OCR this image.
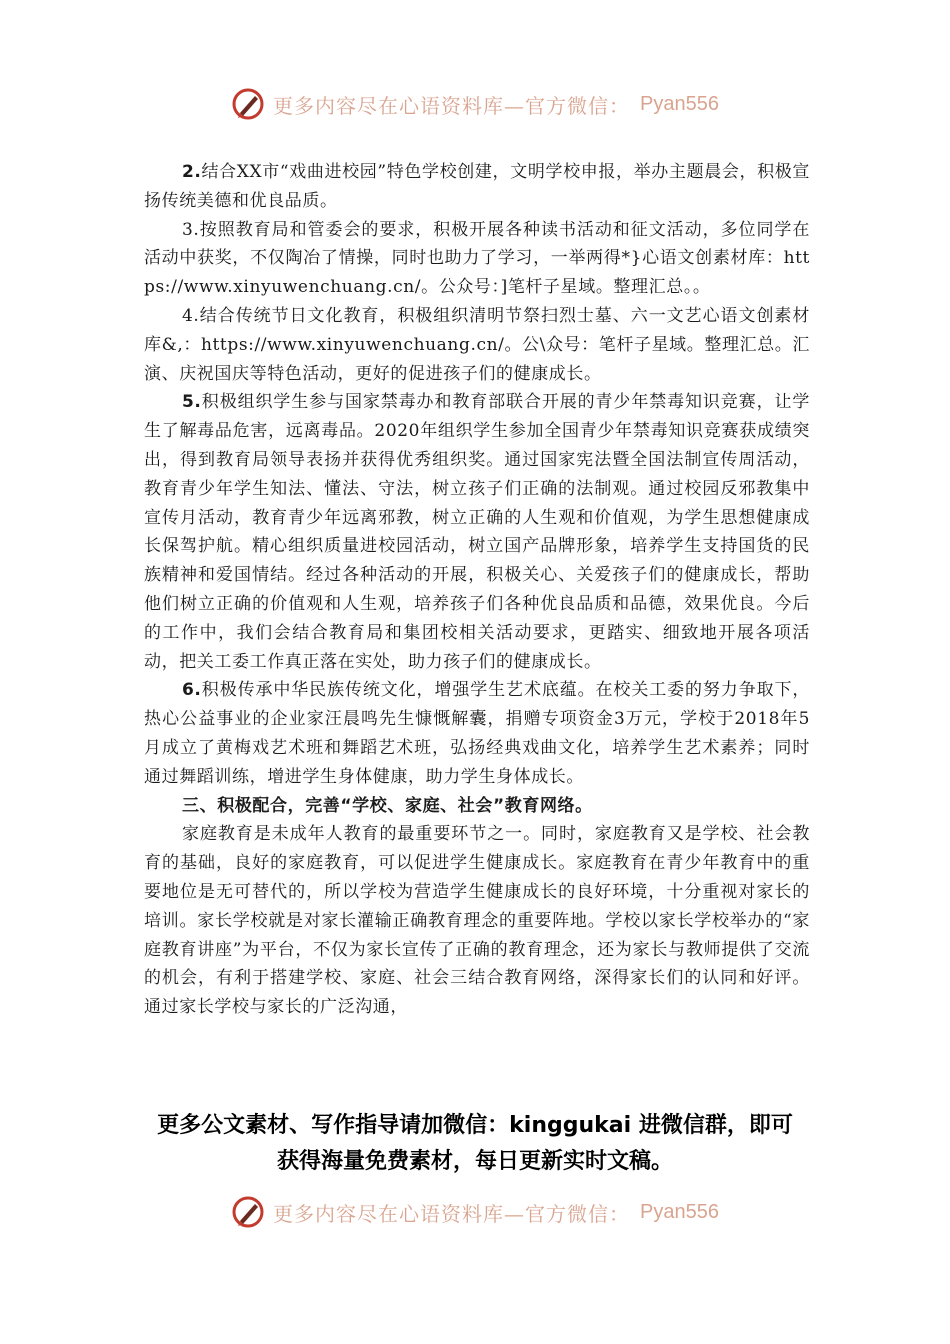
更多内容尽在心语资料库—官方微信： Pyan556

2.结合XX市“戏曲进校园”特色学校创建，文明学校申报，举办主题晨会，积极宣扬传统美德和优良品质。

3.按照教育局和管委会的要求，积极开展各种读书活动和征文活动，多位同学在活动中获奖，不仅陶冶了情操，同时也助力了学习，一举两得*}心语文创素材库：https://www.xinyuwenchuang.cn/。公众号：]笔杆子星域。整理汇总。。

4.结合传统节日文化教育，积极组织清明节祭扫烈士墓、六一文艺心语文创素材库&,：https://www.xinyuwenchuang.cn/。公\众号：笔杆子星域。整理汇总。汇演、庆祝国庆等特色活动，更好的促进孩子们的健康成长。

5.积极组织学生参与国家禁毒办和教育部联合开展的青少年禁毒知识竞赛，让学生了解毒品危害，远离毒品。2020年组织学生参加全国青少年禁毒知识竞赛获成绩突出，得到教育局领导表扬并获得优秀组织奖。通过国家宪法暨全国法制宣传周活动，教育青少年学生知法、懂法、守法，树立孩子们正确的法制观。通过校园反邪教集中宣传月活动，教育青少年远离邪教，树立正确的人生观和价值观，为学生思想健康成长保驾护航。精心组织质量进校园活动，树立国产品牌形象，培养学生支持国货的民族精神和爱国情结。经过各种活动的开展，积极关心、关爱孩子们的健康成长，帮助他们树立正确的价值观和人生观，培养孩子们各种优良品质和品德，效果优良。今后的工作中，我们会结合教育局和集团校相关活动要求，更踏实、细致地开展各项活动，把关工委工作真正落在实处，助力孩子们的健康成长。

6.积极传承中华民族传统文化，增强学生艺术底蕴。在校关工委的努力争取下，热心公益事业的企业家汪晨鸣先生慷慨解囊，捐赠专项资金3万元，学校于2018年5月成立了黄梅戏艺术班和舞蹈艺术班，弘扬经典戏曲文化，培养学生艺术素养；同时通过舞蹈训练，增进学生身体健康，助力学生身体成长。

三、积极配合，完善“学校、家庭、社会”教育网络。

家庭教育是未成年人教育的最重要环节之一。同时，家庭教育又是学校、社会教育的基础，良好的家庭教育，可以促进学生健康成长。家庭教育在青少年教育中的重要地位是无可替代的，所以学校为营造学生健康成长的良好环境，十分重视对家长的培训。家长学校就是对家长灌输正确教育理念的重要阵地。学校以家长学校举办的“家庭教育讲座”为平台，不仅为家长宣传了正确的教育理念，还为家长与教师提供了交流的机会，有利于搭建学校、家庭、社会三结合教育网络，深得家长们的认同和好评。通过家长学校与家长的广泛沟通，

更多公文素材、写作指导请加微信：kinggukai 进微信群，即可
获得海量免费素材，每日更新实时文稿。
更多内容尽在心语资料库—官方微信： Pyan556
